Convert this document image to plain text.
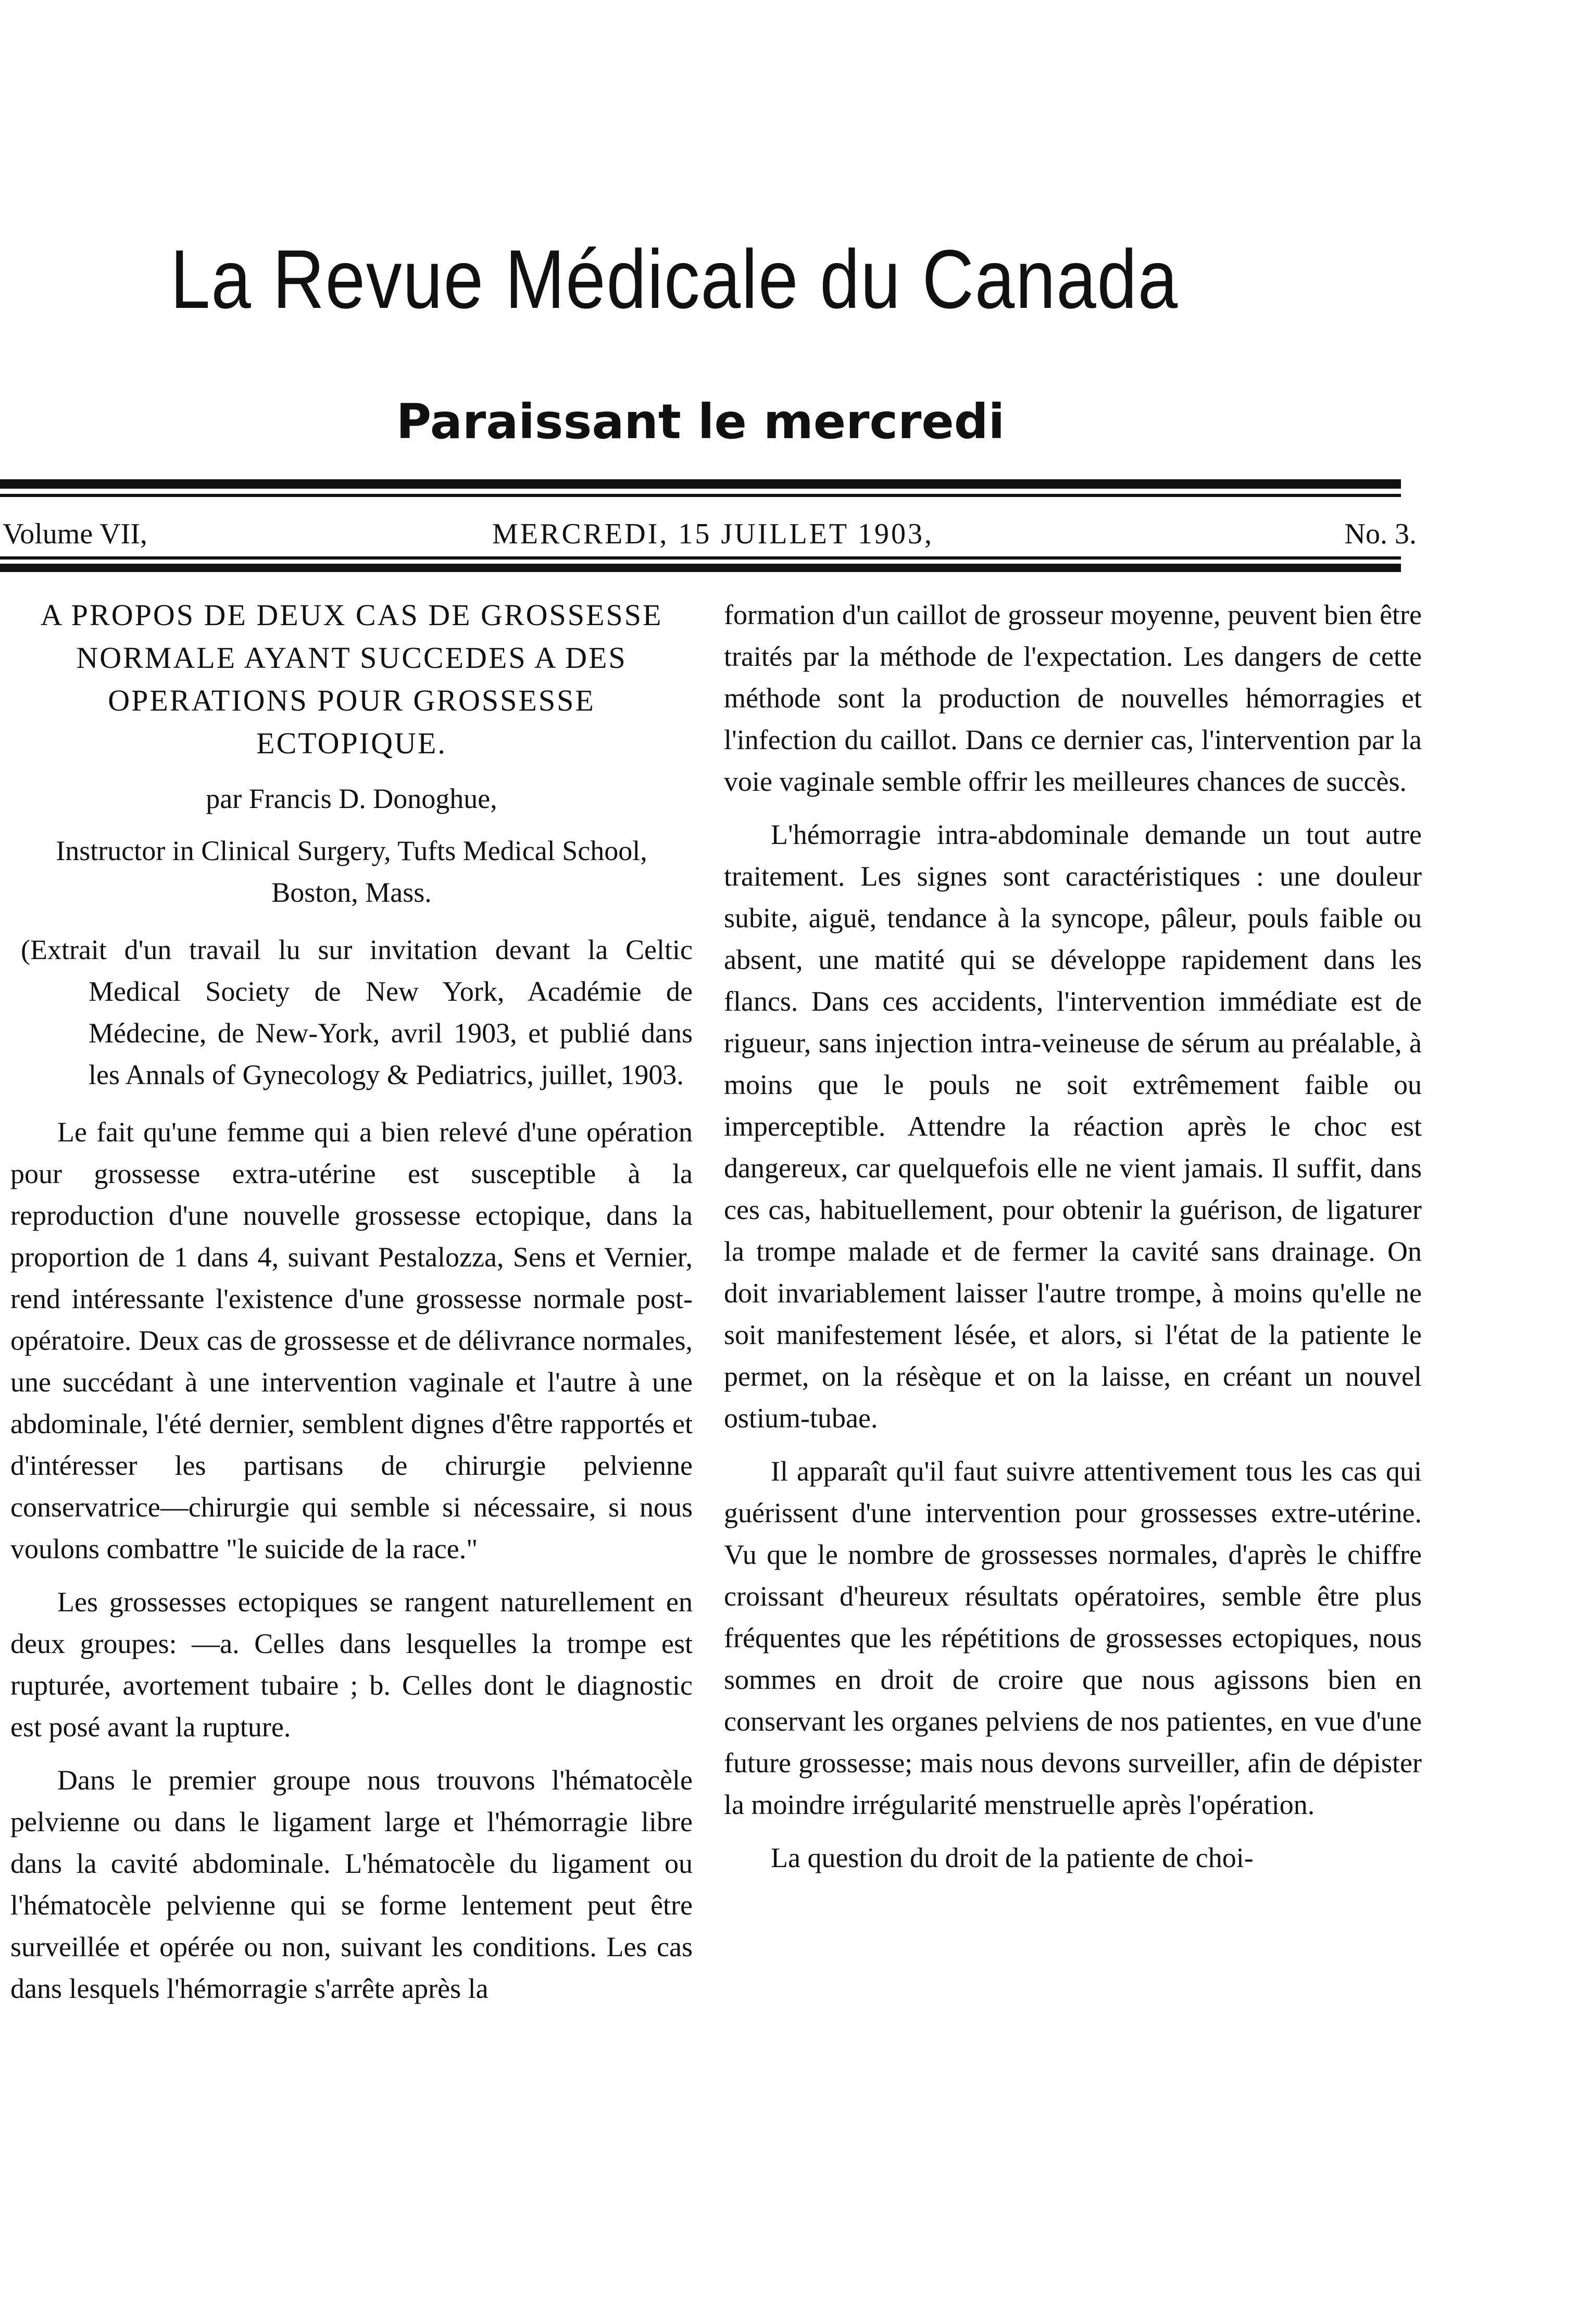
La Revue Médicale du Canada
Paraissant le mercredi
Volume VII,	MERCREDI, 15 JUILLET 1903,	No. 3.
A PROPOS DE DEUX CAS DE GROSSESSE NORMALE AYANT SUCCEDES A DES OPERATIONS POUR GROSSESSE ECTOPIQUE.

par Francis D. Donoghue,

Instructor in Clinical Surgery, Tufts Medical School, Boston, Mass.

(Extrait d'un travail lu sur invitation devant la Celtic Medical Society de New York, Académie de Médecine, de New-York, avril 1903, et publié dans les Annals of Gynecology & Pediatrics, juillet, 1903.

Le fait qu'une femme qui a bien relevé d'une opération pour grossesse extra-utérine est susceptible à la reproduction d'une nouvelle grossesse ectopique, dans la proportion de 1 dans 4, suivant Pestalozza, Sens et Vernier, rend intéressante l'existence d'une grossesse normale post-opératoire. Deux cas de grossesse et de délivrance normales, une succédant à une intervention vaginale et l'autre à une abdominale, l'été dernier, semblent dignes d'être rapportés et d'intéresser les partisans de chirurgie pelvienne conservatrice—chirurgie qui semble si nécessaire, si nous voulons combattre "le suicide de la race."

Les grossesses ectopiques se rangent naturellement en deux groupes: —a. Celles dans lesquelles la trompe est rupturée, avortement tubaire ; b. Celles dont le diagnostic est posé avant la rupture.

Dans le premier groupe nous trouvons l'hématocèle pelvienne ou dans le ligament large et l'hémorragie libre dans la cavité abdominale. L'hématocèle du ligament ou l'hématocèle pelvienne qui se forme lentement peut être surveillée et opérée ou non, suivant les conditions. Les cas dans lesquels l'hémorragie s'arrête après la

formation d'un caillot de grosseur moyenne, peuvent bien être traités par la méthode de l'expectation. Les dangers de cette méthode sont la production de nouvelles hémorragies et l'infection du caillot. Dans ce dernier cas, l'intervention par la voie vaginale semble offrir les meilleures chances de succès.

L'hémorragie intra-abdominale demande un tout autre traitement. Les signes sont caractéristiques : une douleur subite, aiguë, tendance à la syncope, pâleur, pouls faible ou absent, une matité qui se développe rapidement dans les flancs. Dans ces accidents, l'intervention immédiate est de rigueur, sans injection intra-veineuse de sérum au préalable, à moins que le pouls ne soit extrêmement faible ou imperceptible. Attendre la réaction après le choc est dangereux, car quelquefois elle ne vient jamais. Il suffit, dans ces cas, habituellement, pour obtenir la guérison, de ligaturer la trompe malade et de fermer la cavité sans drainage. On doit invariablement laisser l'autre trompe, à moins qu'elle ne soit manifestement lésée, et alors, si l'état de la patiente le permet, on la résèque et on la laisse, en créant un nouvel ostium-tubae.

Il apparaît qu'il faut suivre attentivement tous les cas qui guérissent d'une intervention pour grossesses extre-utérine. Vu que le nombre de grossesses normales, d'après le chiffre croissant d'heureux résultats opératoires, semble être plus fréquentes que les répétitions de grossesses ectopiques, nous sommes en droit de croire que nous agissons bien en conservant les organes pelviens de nos patientes, en vue d'une future grossesse; mais nous devons surveiller, afin de dépister la moindre irrégularité menstruelle après l'opération.

La question du droit de la patiente de choi-
